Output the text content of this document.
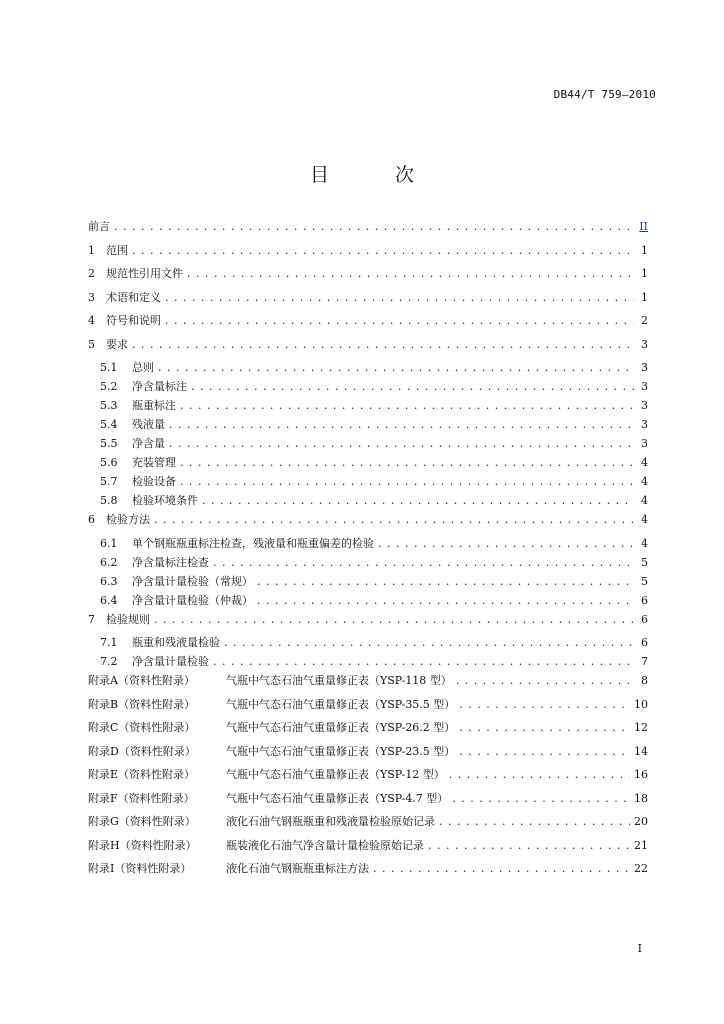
DB44/T 759—2010
目 次
前言 . . .	II
1 范围 . . .	1
2 规范性引用文件 . . .	1
3 术语和定义 . . .	1
4 符号和说明 . . .	2
5 要求 . . .	3
5.1 总则 . . .	3
5.2 净含量标注 . . .	3
5.3 瓶重标注 . . .	3
5.4 残液量 . . .	3
5.5 净含量 . . .	3
5.6 充装管理 . . .	4
5.7 检验设备 . . .	4
5.8 检验环境条件 . . .	4
6 检验方法 . . .	4
6.1 单个钢瓶瓶重标注检查，残液量和瓶重偏差的检验 . . .	4
6.2 净含量标注检查 . . .	5
6.3 净含量计量检验（常规） . . .	5
6.4 净含量计量检验（仲裁） . . .	6
7 检验规则 . . .	6
7.1 瓶重和残液量检验 . . .	6
7.2 净含量计量检验 . . .	7
附录A（资料性附录）	气瓶中气态石油气重量修正表（YSP-118 型） . . .	8
附录B（资料性附录）	气瓶中气态石油气重量修正表（YSP-35.5 型） . . .	10
附录C（资料性附录）	气瓶中气态石油气重量修正表（YSP-26.2 型） . . .	12
附录D（资料性附录）	气瓶中气态石油气重量修正表（YSP-23.5 型） . . .	14
附录E（资料性附录）	气瓶中气态石油气重量修正表（YSP-12 型） . . .	16
附录F（资料性附录）	气瓶中气态石油气重量修正表（YSP-4.7 型） . . .	18
附录G（资料性附录）	液化石油气钢瓶瓶重和残液量检验原始记录 . . .	20
附录H（资料性附录）	瓶装液化石油气净含量计量检验原始记录 . . .	21
附录I（资料性附录）	液化石油气钢瓶瓶重标注方法 . . .	22
I
